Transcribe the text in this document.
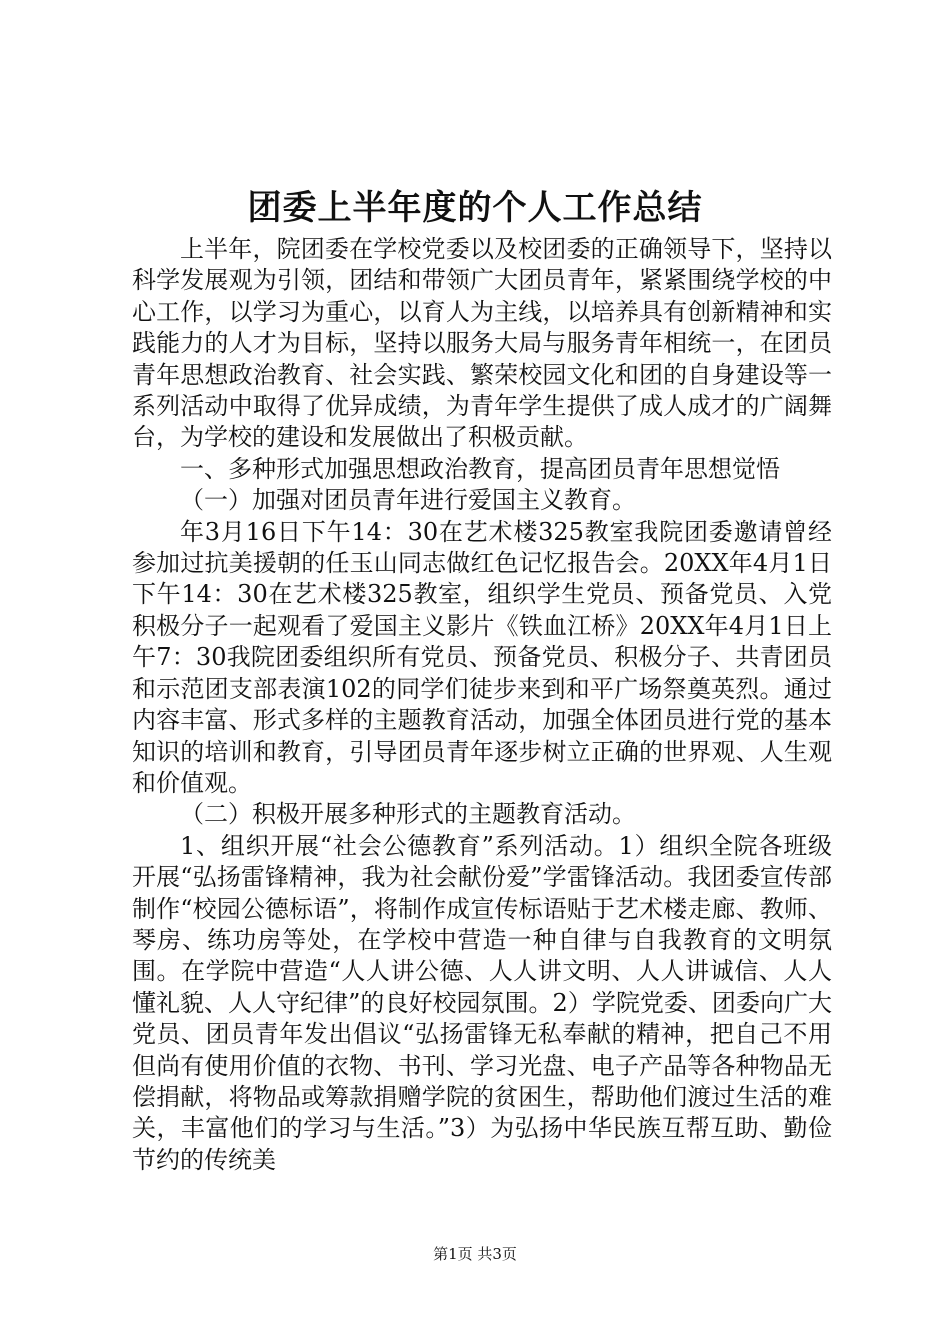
团委上半年度的个人工作总结

上半年，院团委在学校党委以及校团委的正确领导下，坚持以科学发展观为引领，团结和带领广大团员青年，紧紧围绕学校的中心工作，以学习为重心，以育人为主线，以培养具有创新精神和实践能力的人才为目标，坚持以服务大局与服务青年相统一，在团员青年思想政治教育、社会实践、繁荣校园文化和团的自身建设等一系列活动中取得了优异成绩，为青年学生提供了成人成才的广阔舞台，为学校的建设和发展做出了积极贡献。

一、多种形式加强思想政治教育，提高团员青年思想觉悟

（一）加强对团员青年进行爱国主义教育。

年3月16日下午14：30在艺术楼325教室我院团委邀请曾经参加过抗美援朝的任玉山同志做红色记忆报告会。20XX年4月1日下午14：30在艺术楼325教室，组织学生党员、预备党员、入党积极分子一起观看了爱国主义影片《铁血江桥》20XX年4月1日上午7：30我院团委组织所有党员、预备党员、积极分子、共青团员和示范团支部表演102的同学们徒步来到和平广场祭奠英烈。通过内容丰富、形式多样的主题教育活动，加强全体团员进行党的基本知识的培训和教育，引导团员青年逐步树立正确的世界观、人生观和价值观。

（二）积极开展多种形式的主题教育活动。

1、组织开展“社会公德教育”系列活动。1）组织全院各班级开展“弘扬雷锋精神，我为社会献份爱”学雷锋活动。我团委宣传部制作“校园公德标语”，将制作成宣传标语贴于艺术楼走廊、教师、琴房、练功房等处，在学校中营造一种自律与自我教育的文明氛围。在学院中营造“人人讲公德、人人讲文明、人人讲诚信、人人懂礼貌、人人守纪律”的良好校园氛围。2）学院党委、团委向广大党员、团员青年发出倡议“弘扬雷锋无私奉献的精神，把自己不用但尚有使用价值的衣物、书刊、学习光盘、电子产品等各种物品无偿捐献，将物品或筹款捐赠学院的贫困生，帮助他们渡过生活的难关，丰富他们的学习与生活。”3）为弘扬中华民族互帮互助、勤俭节约的传统美

第1页 共3页
